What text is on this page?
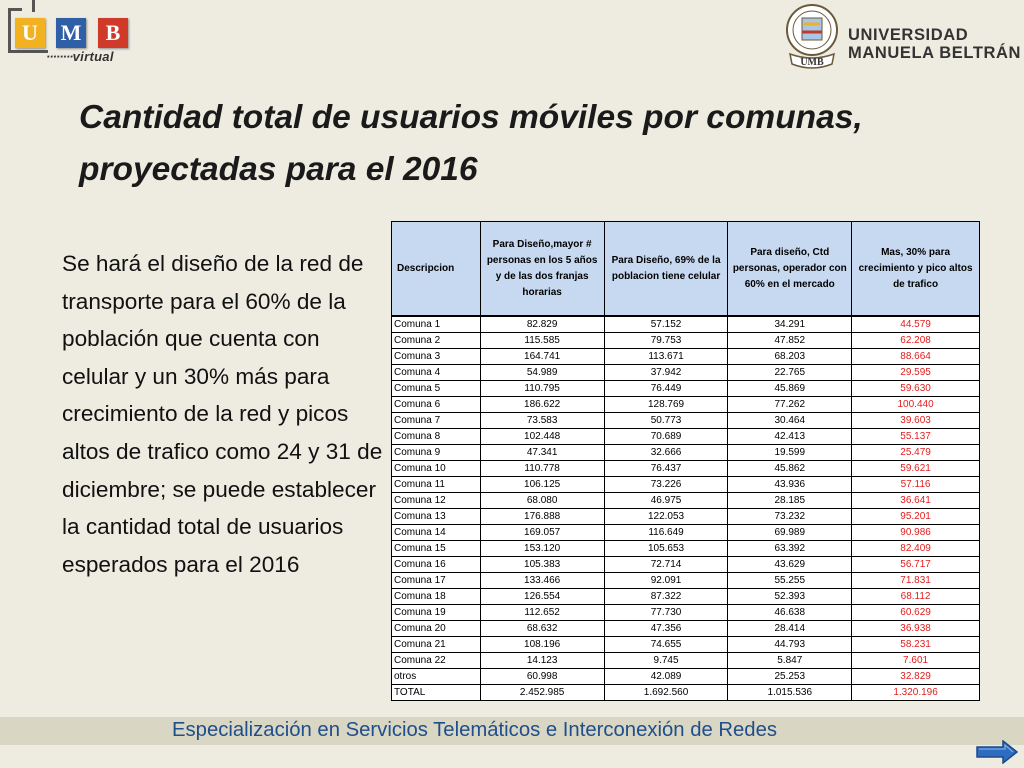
U	M	B
········virtual	UMB
UNIVERSIDAD
MANUELA BELTRÁN
Cantidad total de usuarios móviles por comunas, proyectadas para el 2016

Se hará el diseño de la red de transporte para el 60% de la población que cuenta con celular y un 30% más para crecimiento de la red y picos altos de trafico como 24 y 31 de diciembre; se puede establecer la cantidad total de usuarios esperados para el 2016

Descripcion	Para Diseño,mayor # personas en los 5 años y de las dos franjas horarias	Para Diseño, 69% de la poblacion tiene celular	Para diseño, Ctd personas, operador con 60% en el mercado	Mas, 30% para crecimiento y pico altos de trafico
Comuna 1	82.829	57.152	34.291	44.579
Comuna 2	115.585	79.753	47.852	62.208
Comuna 3	164.741	113.671	68.203	88.664
Comuna 4	54.989	37.942	22.765	29.595
Comuna 5	110.795	76.449	45.869	59.630
Comuna 6	186.622	128.769	77.262	100.440
Comuna 7	73.583	50.773	30.464	39.603
Comuna 8	102.448	70.689	42.413	55.137
Comuna 9	47.341	32.666	19.599	25.479
Comuna 10	110.778	76.437	45.862	59.621
Comuna 11	106.125	73.226	43.936	57.116
Comuna 12	68.080	46.975	28.185	36.641
Comuna 13	176.888	122.053	73.232	95.201
Comuna 14	169.057	116.649	69.989	90.986
Comuna 15	153.120	105.653	63.392	82.409
Comuna 16	105.383	72.714	43.629	56.717
Comuna 17	133.466	92.091	55.255	71.831
Comuna 18	126.554	87.322	52.393	68.112
Comuna 19	112.652	77.730	46.638	60.629
Comuna 20	68.632	47.356	28.414	36.938
Comuna 21	108.196	74.655	44.793	58.231
Comuna 22	14.123	9.745	5.847	7.601
otros	60.998	42.089	25.253	32.829
TOTAL	2.452.985	1.692.560	1.015.536	1.320.196
Especialización en Servicios Telemáticos e Interconexión de Redes
